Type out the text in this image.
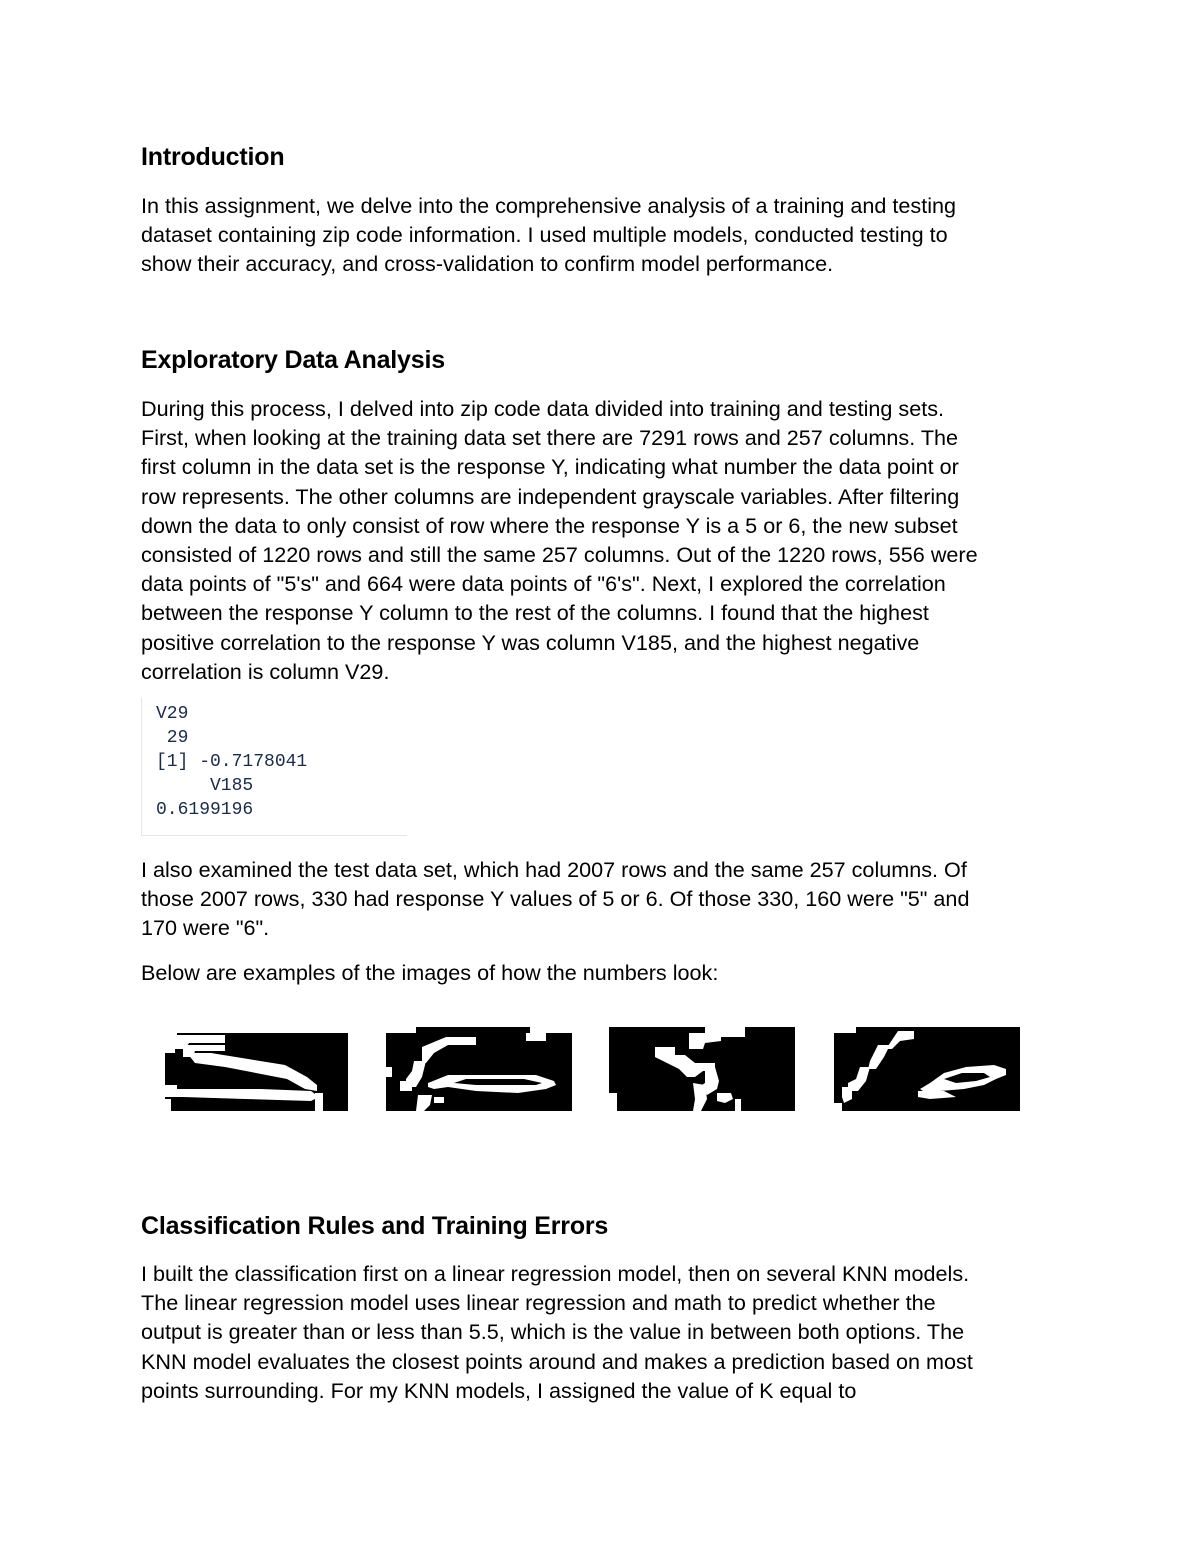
Introduction
In this assignment, we delve into the comprehensive analysis of a training and testing
dataset containing zip code information. I used multiple models, conducted testing to
show their accuracy, and cross-validation to confirm model performance.
Exploratory Data Analysis
During this process, I delved into zip code data divided into training and testing sets.
First, when looking at the training data set there are 7291 rows and 257 columns. The
first column in the data set is the response Y, indicating what number the data point or
row represents. The other columns are independent grayscale variables. After filtering
down the data to only consist of row where the response Y is a 5 or 6, the new subset
consisted of 1220 rows and still the same 257 columns. Out of the 1220 rows, 556 were
data points of "5's" and 664 were data points of "6's". Next, I explored the correlation
between the response Y column to the rest of the columns. I found that the highest
positive correlation to the response Y was column V185, and the highest negative
correlation is column V29.
V29
29
[1] -0.7178041
V185
0.6199196
I also examined the test data set, which had 2007 rows and the same 257 columns. Of
those 2007 rows, 330 had response Y values of 5 or 6. Of those 330, 160 were "5" and
170 were "6".
Below are examples of the images of how the numbers look:
Classification Rules and Training Errors
I built the classification first on a linear regression model, then on several KNN models.
The linear regression model uses linear regression and math to predict whether the
output is greater than or less than 5.5, which is the value in between both options. The
KNN model evaluates the closest points around and makes a prediction based on most
points surrounding. For my KNN models, I assigned the value of K equal to
